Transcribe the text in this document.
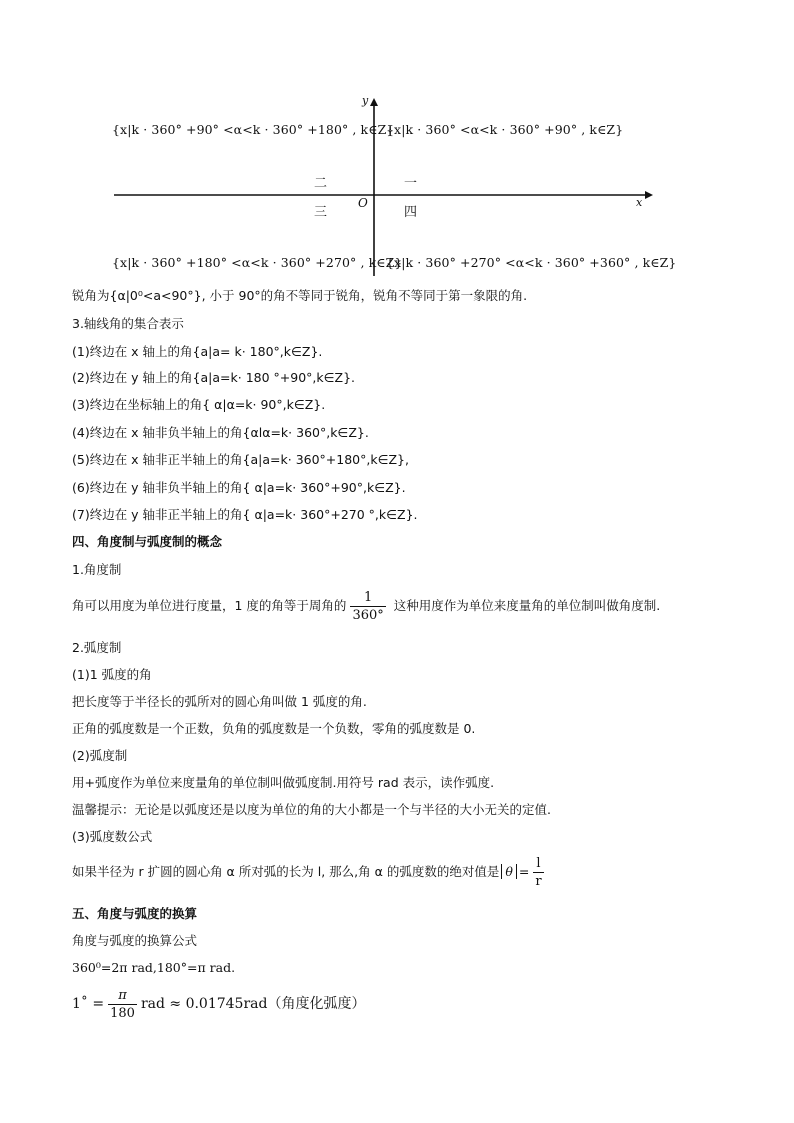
y
x
O
{x|k · 360° <α<k · 360° +90° , k∈Z}
{x|k · 360° +90° <α<k · 360° +180° , k∈Z}
{x|k · 360° +180° <α<k · 360° +270° , k∈Z}
{x|k · 360° +270° <α<k · 360° +360° , k∈Z}
一
二
三	四
锐角为{α|0⁰<a<90°}, 小于 90°的角不等同于锐角，锐角不等同于第一象限的角.
3.轴线角的集合表示
(1)终边在 x 轴上的角{a|a= k· 180°,k∈Z}.
(2)终边在 y 轴上的角{a|a=k· 180 °+90°,k∈Z}.
(3)终边在坐标轴上的角{ α|α=k· 90°,k∈Z}.
(4)终边在 x 轴非负半轴上的角{αlα=k· 360°,k∈Z}.
(5)终边在 x 轴非正半轴上的角{a|a=k· 360°+180°,k∈Z},
(6)终边在 y 轴非负半轴上的角{ α|a=k· 360°+90°,k∈Z}.
(7)终边在 y 轴非正半轴上的角{ α|a=k· 360°+270 °,k∈Z}.
四、角度制与弧度制的概念
1.角度制
角可以用度为单位进行度量，1 度的角等于周角的 $\frac{1}{360^\circ}$ 这种用度作为单位来度量角的单位制叫做角度制.
2.弧度制
(1)1 弧度的角
把长度等于半径长的弧所对的圆心角叫做 1 弧度的角.
正角的弧度数是一个正数，负角的弧度数是一个负数，零角的弧度数是 0.
(2)弧度制
用+弧度作为单位来度量角的单位制叫做弧度制.用符号 rad 表示，读作弧度.
温馨提示：无论是以弧度还是以度为单位的角的大小都是一个与半径的大小无关的定值.
(3)弧度数公式
如果半径为 r 扩圆的圆心角 α 所对弧的长为 l, 那么,角 α 的弧度数的绝对值是 $\theta = \frac{l}{r}$
五、角度与弧度的换算
角度与弧度的换算公式
360⁰=2π rad,180°=π rad.
1˚ = $\frac{\pi}{180}$ rad ≈ 0.01745rad（角度化弧度）
